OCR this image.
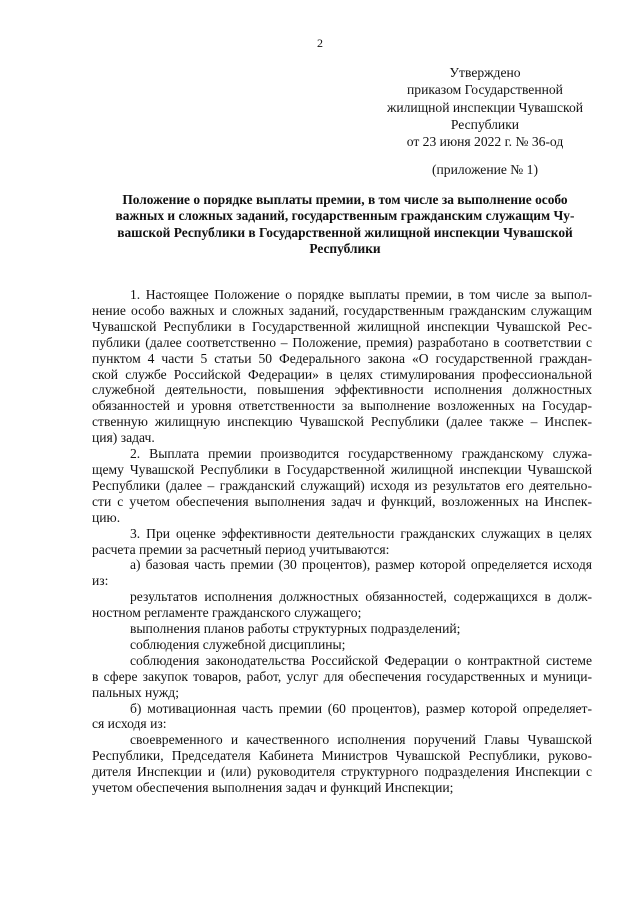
2
Утверждено
приказом Государственной
жилищной инспекции Чувашской
Республики
от 23 июня 2022 г. № 36-од
(приложение № 1)
Положение о порядке выплаты премии, в том числе за выполнение особо
важных и сложных заданий, государственным гражданским служащим Чу-
вашской Республики в Государственной жилищной инспекции Чувашской
Республики
1. Настоящее Положение о порядке выплаты премии, в том числе за выпол-
нение особо важных и сложных заданий, государственным гражданским служащим
Чувашской Республики в Государственной жилищной инспекции Чувашской Рес-
публики (далее соответственно – Положение, премия) разработано в соответствии с
пунктом 4 части 5 статьи 50 Федерального закона «О государственной граждан-
ской службе Российской Федерации» в целях стимулирования профессиональной
служебной деятельности, повышения эффективности исполнения должностных
обязанностей и уровня ответственности за выполнение возложенных на Государ-
ственную жилищную инспекцию Чувашской Республики (далее также – Инспек-
ция) задач.
2. Выплата премии производится государственному гражданскому служа-
щему Чувашской Республики в Государственной жилищной инспекции Чувашской
Республики (далее – гражданский служащий) исходя из результатов его деятельно-
сти с учетом обеспечения выполнения задач и функций, возложенных на Инспек-
цию.
3. При оценке эффективности деятельности гражданских служащих в целях
расчета премии за расчетный период учитываются:
а) базовая часть премии (30 процентов), размер которой определяется исходя
из:
результатов исполнения должностных обязанностей, содержащихся в долж-
ностном регламенте гражданского служащего;
выполнения планов работы структурных подразделений;
соблюдения служебной дисциплины;
соблюдения законодательства Российской Федерации о контрактной системе
в сфере закупок товаров, работ, услуг для обеспечения государственных и муници-
пальных нужд;
б) мотивационная часть премии (60 процентов), размер которой определяет-
ся исходя из:
своевременного и качественного исполнения поручений Главы Чувашской
Республики, Председателя Кабинета Министров Чувашской Республики, руково-
дителя Инспекции и (или) руководителя структурного подразделения Инспекции с
учетом обеспечения выполнения задач и функций Инспекции;
